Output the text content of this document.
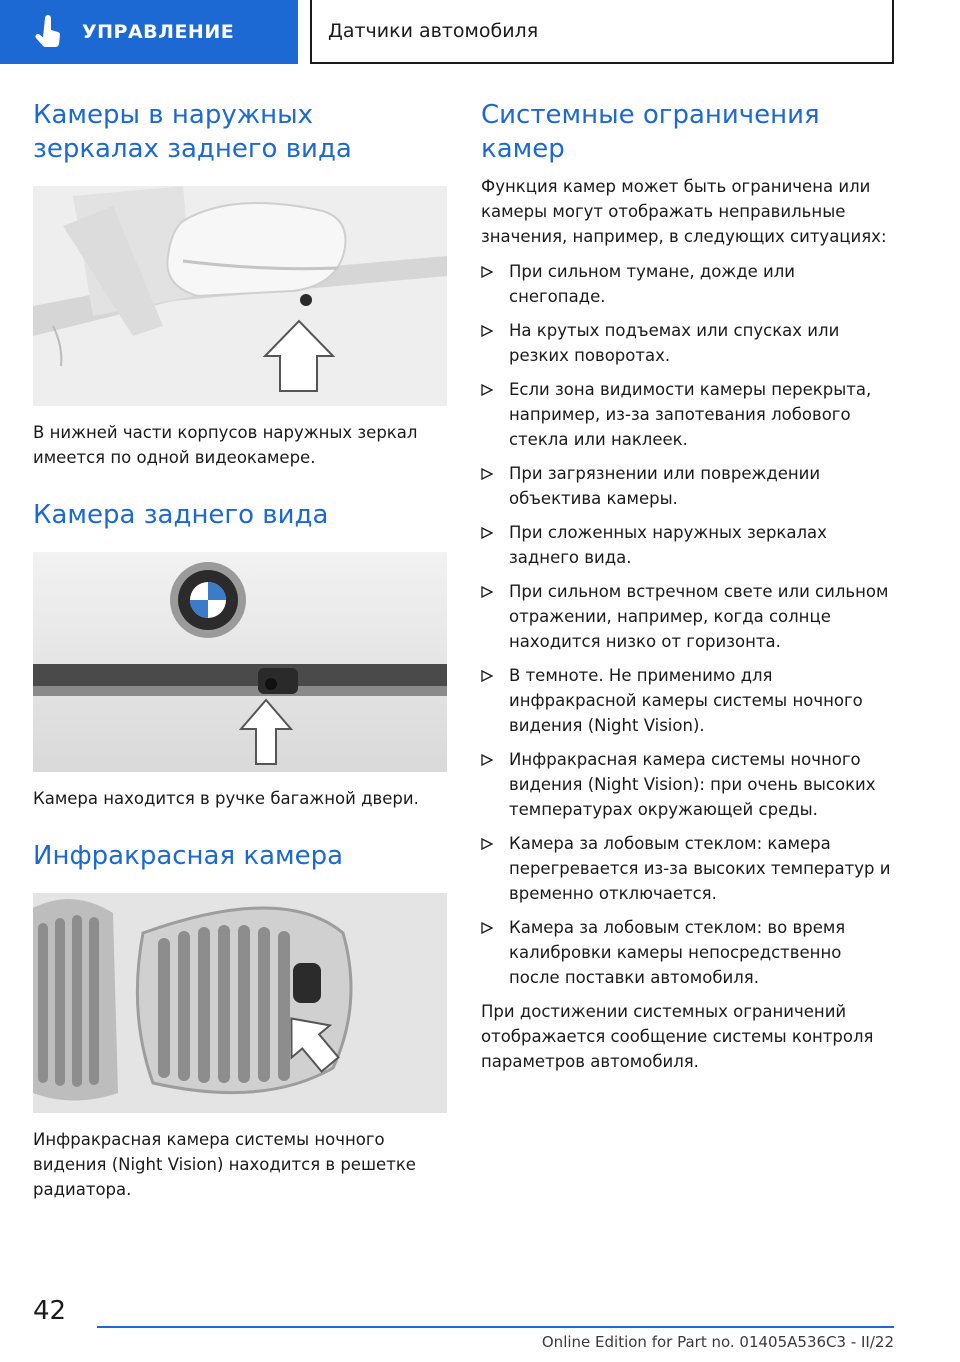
УПРАВЛЕНИЕ	Датчики автомобиля
Камеры в наружных зеркалах заднего вида

В нижней части корпусов наружных зеркал имеется по одной видеокамере.

Камера заднего вида

Камера находится в ручке багажной двери.

Инфракрасная камера

Инфракрасная камера системы ночного видения (Night Vision) находится в решетке радиатора.

Системные ограничения камер

Функция камер может быть ограничена или камеры могут отображать неправильные значения, например, в следующих ситуациях:

При сильном тумане, дожде или снегопаде.
На крутых подъемах или спусках или резких поворотах.
Если зона видимости камеры перекрыта, например, из-за запотевания лобового стекла или наклеек.
При загрязнении или повреждении объектива камеры.
При сложенных наружных зеркалах заднего вида.
При сильном встречном свете или сильном отражении, например, когда солнце находится низко от горизонта.
В темноте. Не применимо для инфракрасной камеры системы ночного видения (Night Vision).
Инфракрасная камера системы ночного видения (Night Vision): при очень высоких температурах окружающей среды.
Камера за лобовым стеклом: камера перегревается из-за высоких температур и временно отключается.
Камера за лобовым стеклом: во время калибровки камеры непосредственно после поставки автомобиля.

При достижении системных ограничений отображается сообщение системы контроля параметров автомобиля.

42
Online Edition for Part no. 01405A536C3 - II/22
